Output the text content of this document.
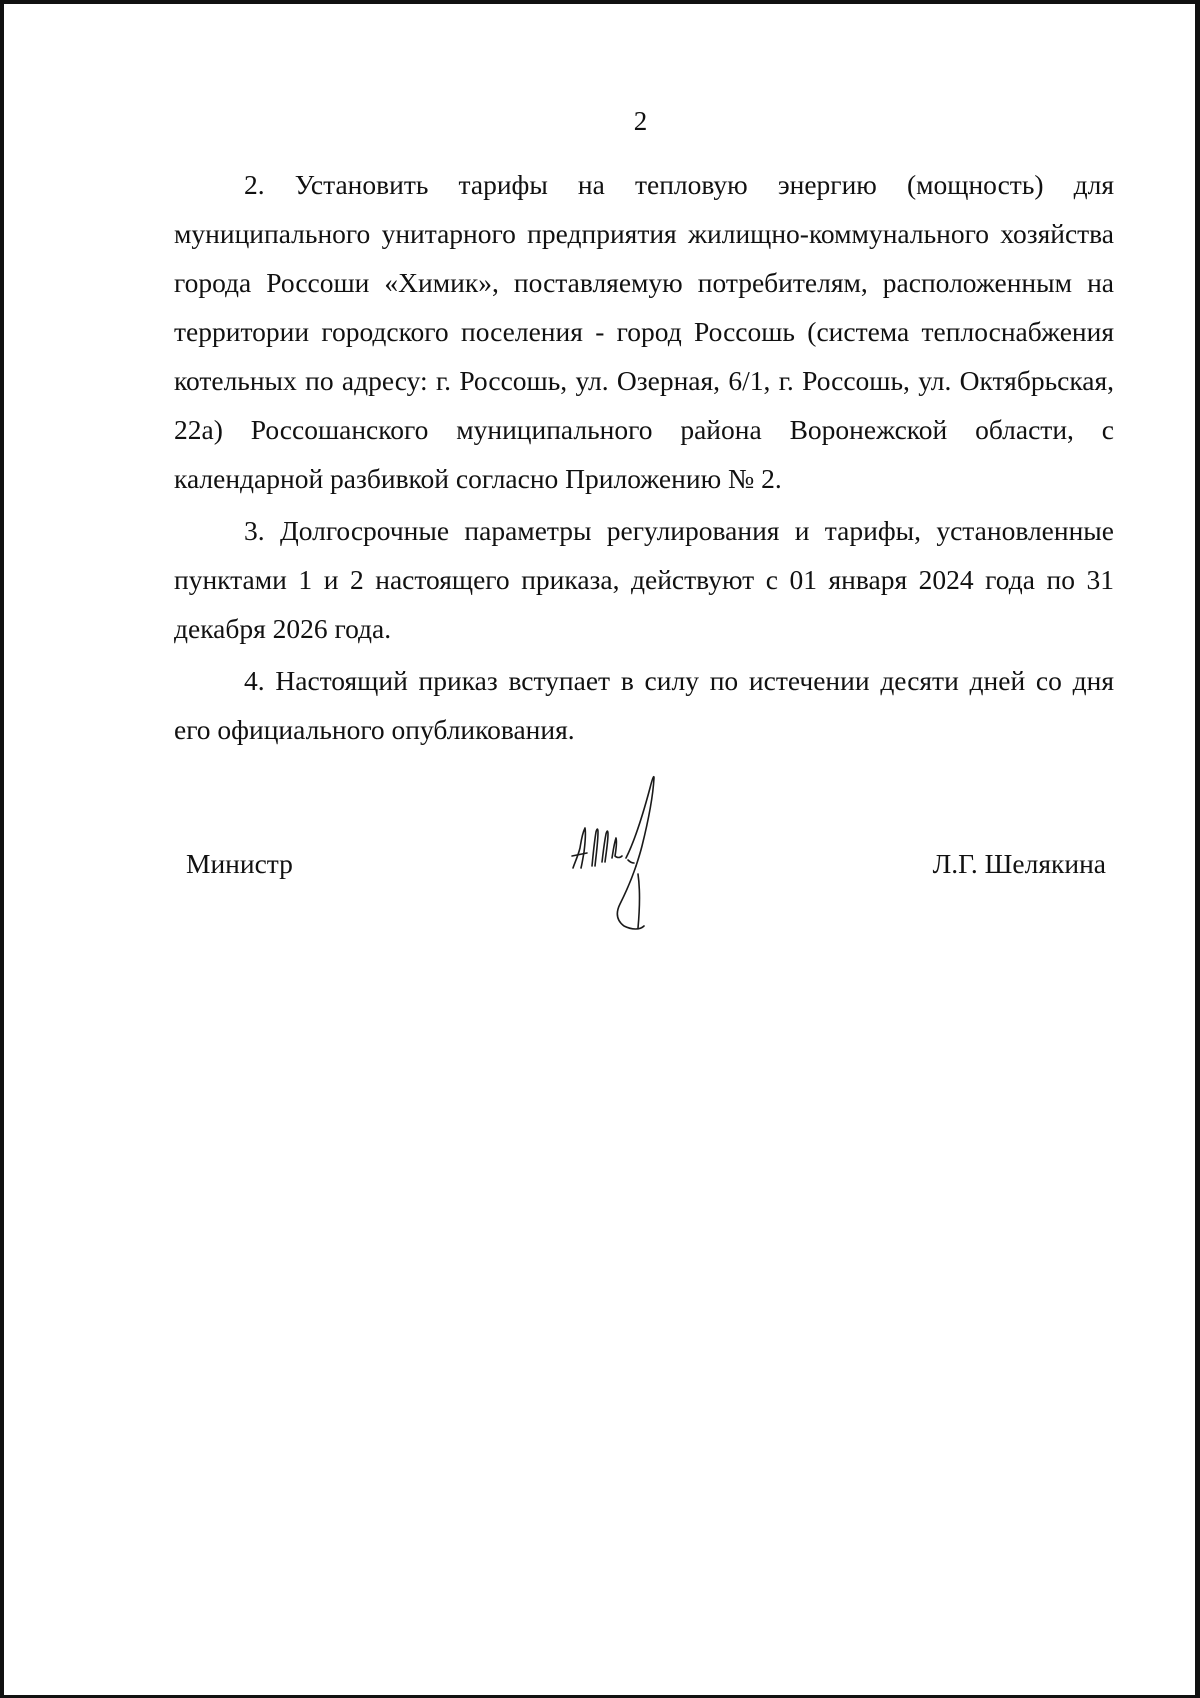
2

2. Установить тарифы на тепловую энергию (мощность) для муниципального унитарного предприятия жилищно-коммунального хозяйства города Россоши «Химик», поставляемую потребителям, расположенным на территории городского поселения - город Россошь (система теплоснабжения котельных по адресу: г. Россошь, ул. Озерная, 6/1, г. Россошь, ул. Октябрьская, 22а) Россошанского муниципального района Воронежской области, с календарной разбивкой согласно Приложению № 2.

3. Долгосрочные параметры регулирования и тарифы, установленные пунктами 1 и 2 настоящего приказа, действуют с 01 января 2024 года по 31 декабря 2026 года.

4. Настоящий приказ вступает в силу по истечении десяти дней со дня его официального опубликования.

Министр	Л.Г. Шелякина
